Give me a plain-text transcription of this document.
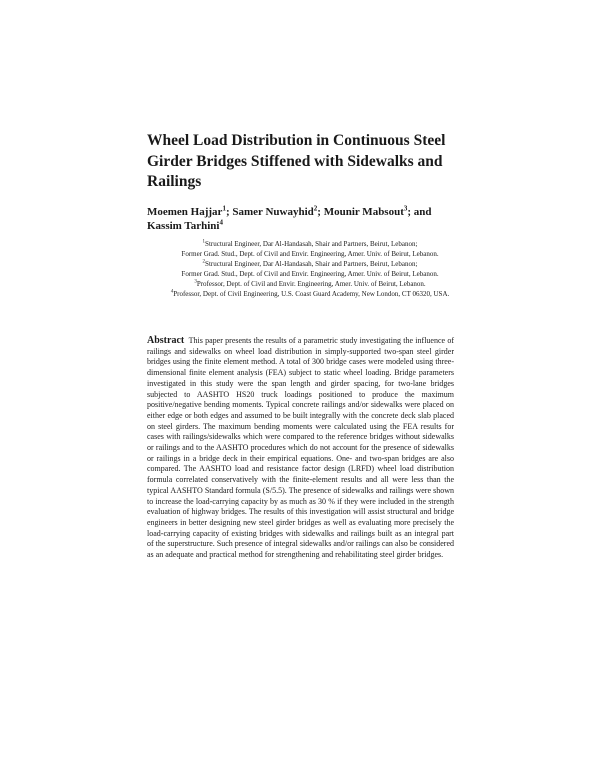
Wheel Load Distribution in Continuous Steel Girder Bridges Stiffened with Sidewalks and Railings
Moemen Hajjar$^1$; Samer Nuwayhid$^2$; Mounir Mabsout$^3$; and Kassim Tarhini$^4$
$^1$Structural Engineer, Dar Al-Handasah, Shair and Partners, Beirut, Lebanon;
Former Grad. Stud., Dept. of Civil and Envir. Engineering, Amer. Univ. of Beirut, Lebanon.
$^2$Structural Engineer, Dar Al-Handasah, Shair and Partners, Beirut, Lebanon;
Former Grad. Stud., Dept. of Civil and Envir. Engineering, Amer. Univ. of Beirut, Lebanon.
$^3$Professor, Dept. of Civil and Envir. Engineering, Amer. Univ. of Beirut, Lebanon.
$^4$Professor, Dept. of Civil Engineering, U.S. Coast Guard Academy, New London, CT 06320, USA.

Abstract This paper presents the results of a parametric study investigating the influence of railings and sidewalks on wheel load distribution in simply-supported two-span steel girder bridges using the finite element method. A total of 300 bridge cases were modeled using three-dimensional finite element analysis (FEA) subject to static wheel loading. Bridge parameters investigated in this study were the span length and girder spacing, for two-lane bridges subjected to AASHTO HS20 truck loadings positioned to produce the maximum positive/negative bending moments. Typical concrete railings and/or sidewalks were placed on either edge or both edges and assumed to be built integrally with the concrete deck slab placed on steel girders. The maximum bending moments were calculated using the FEA results for cases with railings/sidewalks which were compared to the reference bridges without sidewalks or railings and to the AASHTO procedures which do not account for the presence of sidewalks or railings in a bridge deck in their empirical equations. One- and two-span bridges are also compared. The AASHTO load and resistance factor design (LRFD) wheel load distribution formula correlated conservatively with the finite-element results and all were less than the typical AASHTO Standard formula (S/5.5). The presence of sidewalks and railings were shown to increase the load-carrying capacity by as much as 30 % if they were included in the strength evaluation of highway bridges. The results of this investigation will assist structural and bridge engineers in better designing new steel girder bridges as well as evaluating more precisely the load-carrying capacity of existing bridges with sidewalks and railings built as an integral part of the superstructure. Such presence of integral sidewalks and/or railings can also be considered as an adequate and practical method for strengthening and rehabilitating steel girder bridges.
